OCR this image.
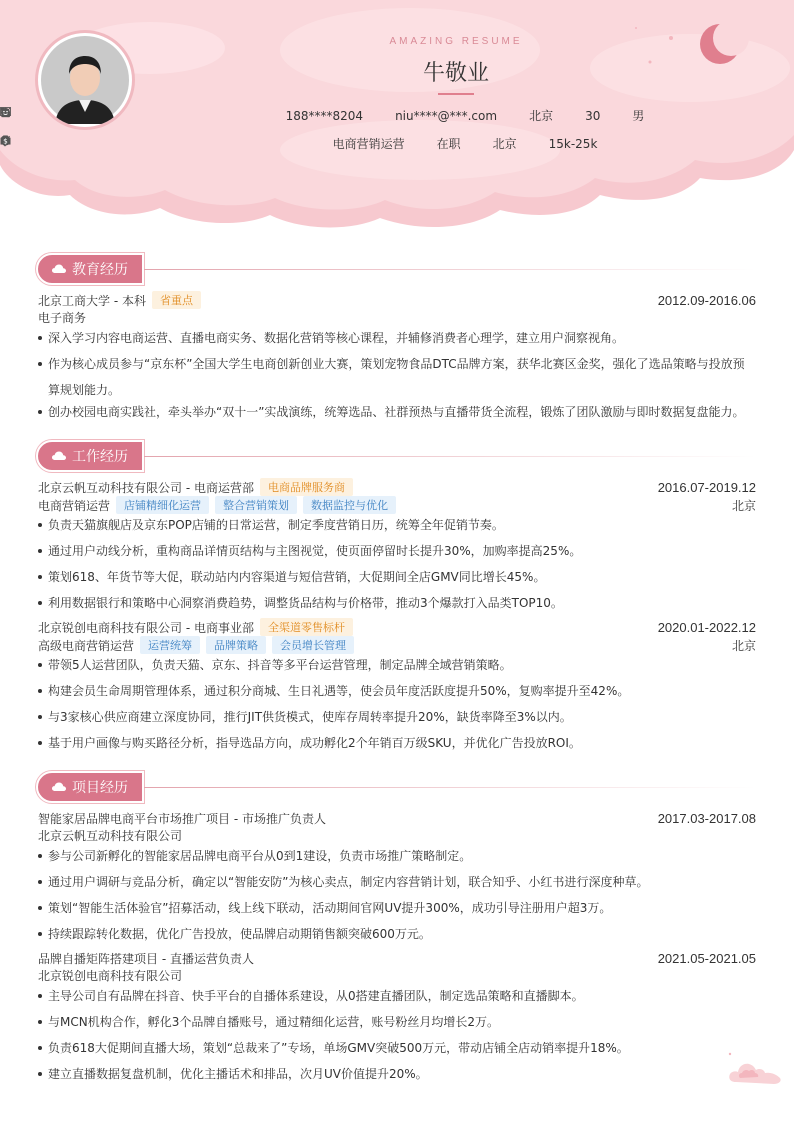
AMAZING RESUME
牛敬业
188****8204	niu****@***.com	北京	30	男
电商营销运营	在职	北京
$	15k-25k
教育经历
北京工商大学 - 本科	省重点	2012.09-2016.06
电子商务
深入学习内容电商运营、直播电商实务、数据化营销等核心课程，并辅修消费者心理学，建立用户洞察视角。
作为核心成员参与“京东杯”全国大学生电商创新创业大赛，策划宠物食品DTC品牌方案，获华北赛区金奖，强化了选品策略与投放预算规划能力。
创办校园电商实践社，牵头举办“双十一”实战演练，统筹选品、社群预热与直播带货全流程，锻炼了团队激励与即时数据复盘能力。
工作经历
北京云帆互动科技有限公司 - 电商运营部	电商品牌服务商	2016.07-2019.12
电商营销运营	店铺精细化运营	整合营销策划	数据监控与优化	北京
负责天猫旗舰店及京东POP店铺的日常运营，制定季度营销日历，统筹全年促销节奏。
通过用户动线分析，重构商品详情页结构与主图视觉，使页面停留时长提升30%，加购率提高25%。
策划618、年货节等大促，联动站内内容渠道与短信营销，大促期间全店GMV同比增长45%。
利用数据银行和策略中心洞察消费趋势，调整货品结构与价格带，推动3个爆款打入品类TOP10。
北京锐创电商科技有限公司 - 电商事业部	全渠道零售标杆	2020.01-2022.12
高级电商营销运营	运营统筹	品牌策略	会员增长管理	北京
带领5人运营团队，负责天猫、京东、抖音等多平台运营管理，制定品牌全域营销策略。
构建会员生命周期管理体系，通过积分商城、生日礼遇等，使会员年度活跃度提升50%，复购率提升至42%。
与3家核心供应商建立深度协同，推行JIT供货模式，使库存周转率提升20%，缺货率降至3%以内。
基于用户画像与购买路径分析，指导选品方向，成功孵化2个年销百万级SKU，并优化广告投放ROI。
项目经历
智能家居品牌电商平台市场推广项目 - 市场推广负责人	2017.03-2017.08
北京云帆互动科技有限公司
参与公司新孵化的智能家居品牌电商平台从0到1建设，负责市场推广策略制定。
通过用户调研与竞品分析，确定以“智能安防”为核心卖点，制定内容营销计划，联合知乎、小红书进行深度种草。
策划“智能生活体验官”招募活动，线上线下联动，活动期间官网UV提升300%，成功引导注册用户超3万。
持续跟踪转化数据，优化广告投放，使品牌启动期销售额突破600万元。
品牌自播矩阵搭建项目 - 直播运营负责人	2021.05-2021.05
北京锐创电商科技有限公司
主导公司自有品牌在抖音、快手平台的自播体系建设，从0搭建直播团队，制定选品策略和直播脚本。
与MCN机构合作，孵化3个品牌自播账号，通过精细化运营，账号粉丝月均增长2万。
负责618大促期间直播大场，策划“总裁来了”专场，单场GMV突破500万元，带动店铺全店动销率提升18%。
建立直播数据复盘机制，优化主播话术和排品，次月UV价值提升20%。
